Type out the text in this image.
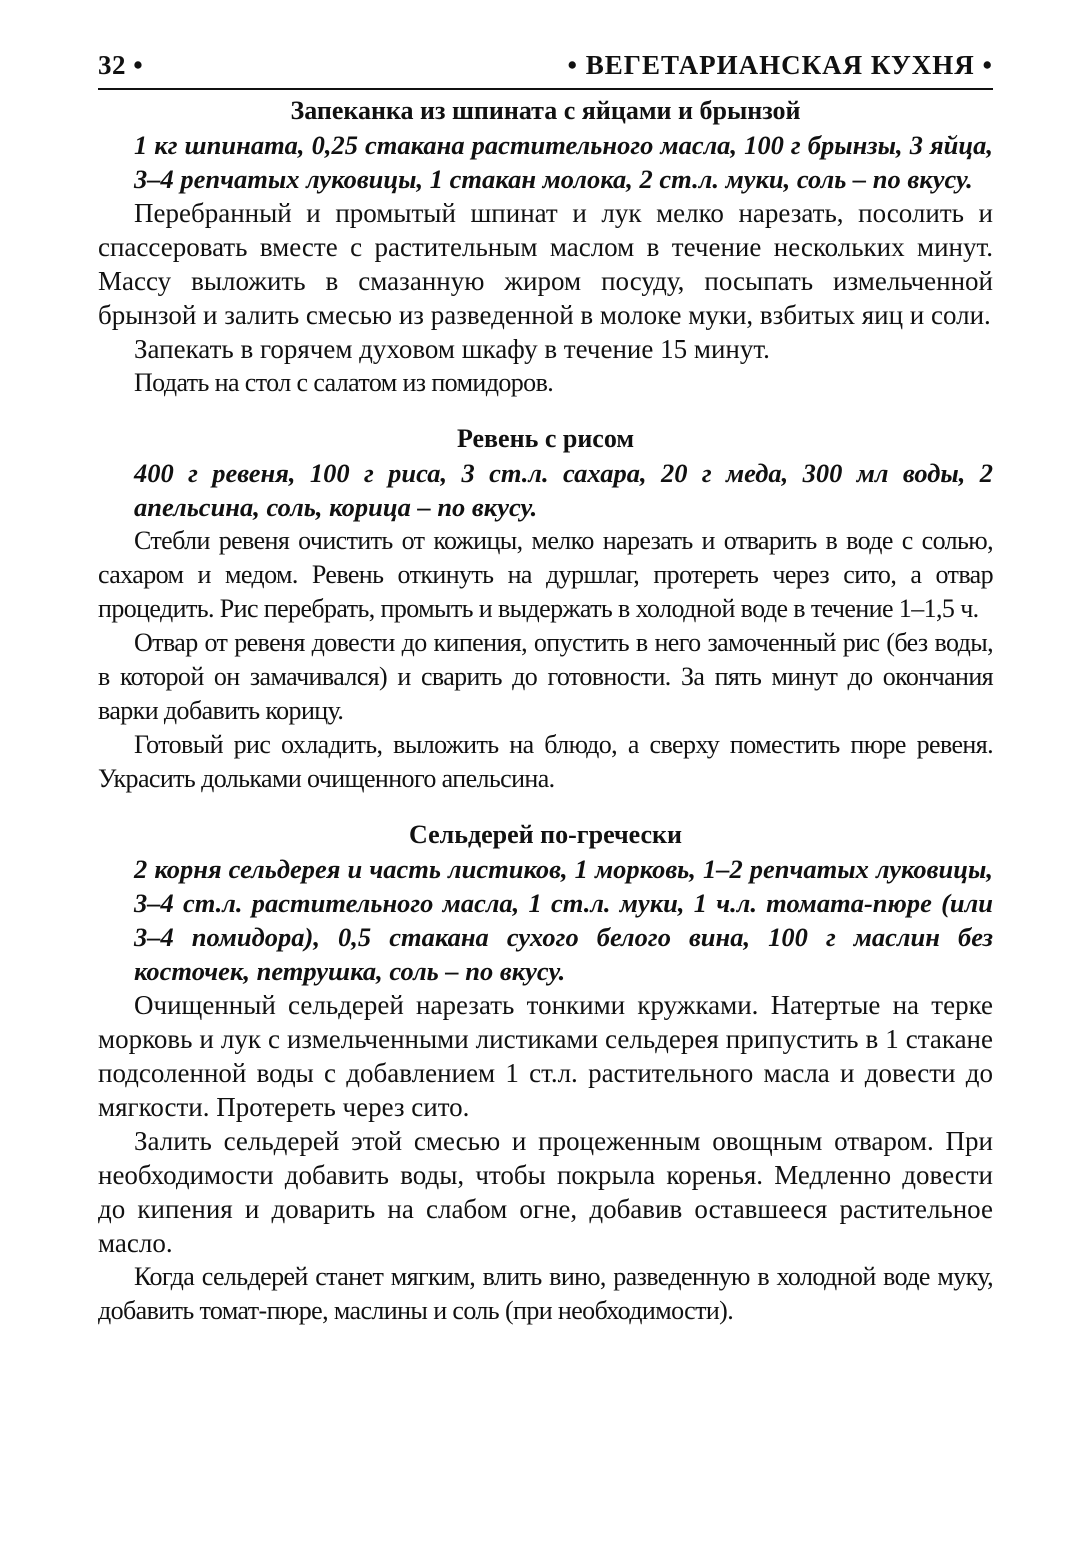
32 •	• ВЕГЕТАРИАНСКАЯ КУХНЯ •
Запеканка из шпината с яйцами и брынзой

1 кг шпината, 0,25 стакана растительного масла, 100 г брынзы, 3 яйца, 3–4 репчатых луковицы, 1 стакан молока, 2 ст.л. муки, соль – по вкусу.

Перебранный и промытый шпинат и лук мелко нарезать, посолить и спассеровать вместе с растительным маслом в течение нескольких минут. Массу выложить в смазанную жиром посуду, посыпать измельченной брынзой и залить смесью из разведенной в молоке муки, взбитых яиц и соли.

Запекать в горячем духовом шкафу в течение 15 минут.

Подать на стол с салатом из помидоров.

Ревень с рисом

400 г ревеня, 100 г риса, 3 ст.л. сахара, 20 г меда, 300 мл воды, 2 апельсина, соль, корица – по вкусу.

Стебли ревеня очистить от кожицы, мелко нарезать и отварить в воде с солью, сахаром и медом. Ревень откинуть на дуршлаг, протереть через сито, а отвар процедить. Рис перебрать, промыть и выдержать в холодной воде в течение 1–1,5 ч.

Отвар от ревеня довести до кипения, опустить в него замоченный рис (без воды, в которой он замачивался) и сварить до готовности. За пять минут до окончания варки добавить корицу.

Готовый рис охладить, выложить на блюдо, а сверху поместить пюре ревеня. Украсить дольками очищенного апельсина.

Сельдерей по-гречески

2 корня сельдерея и часть листиков, 1 морковь, 1–2 репчатых луковицы, 3–4 ст.л. растительного масла, 1 ст.л. муки, 1 ч.л. томата-пюре (или 3–4 помидора), 0,5 стакана сухого белого вина, 100 г маслин без косточек, петрушка, соль – по вкусу.

Очищенный сельдерей нарезать тонкими кружками. Натертые на терке морковь и лук с измельченными листиками сельдерея припустить в 1 стакане подсоленной воды с добавлением 1 ст.л. растительного масла и довести до мягкости. Протереть через сито.

Залить сельдерей этой смесью и процеженным овощным отваром. При необходимости добавить воды, чтобы покрыла коренья. Медленно довести до кипения и доварить на слабом огне, добавив оставшееся растительное масло.

Когда сельдерей станет мягким, влить вино, разведенную в холодной воде муку, добавить томат-пюре, маслины и соль (при необходимости).
